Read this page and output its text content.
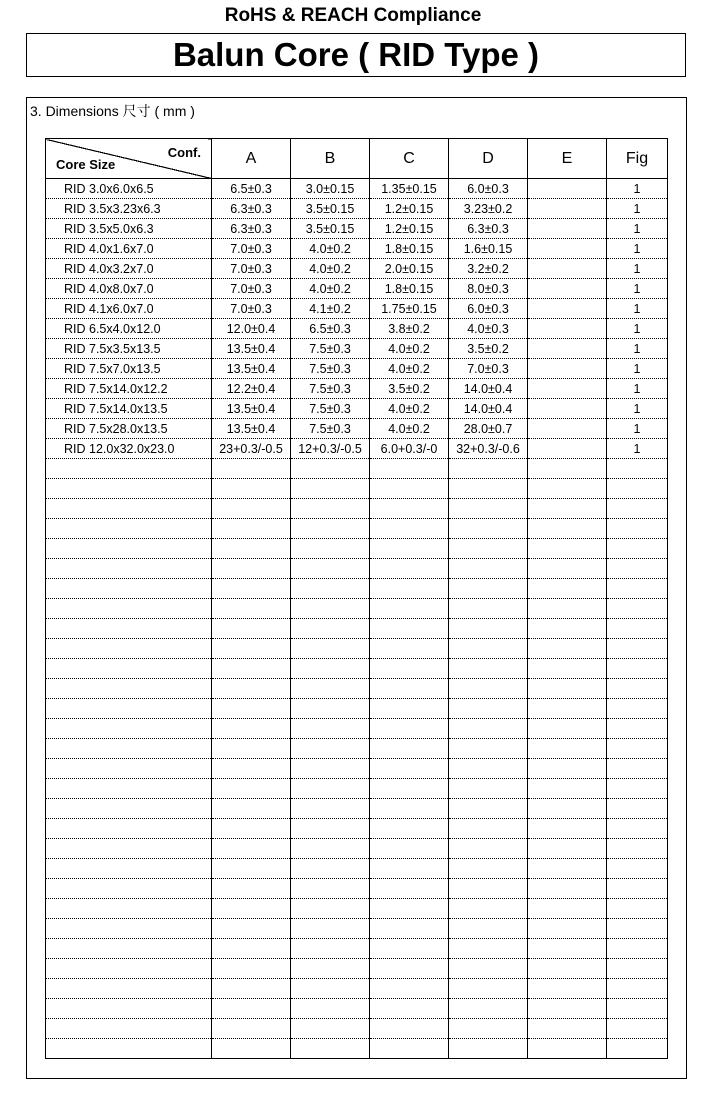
RoHS & REACH Compliance
Balun Core ( RID Type )
3. Dimensions 尺寸 ( mm )
Conf.
Core Size	A	B	C	D	E	Fig
RID 3.0x6.0x6.5	6.5±0.3	3.0±0.15	1.35±0.15	6.0±0.3		1
RID 3.5x3.23x6.3	6.3±0.3	3.5±0.15	1.2±0.15	3.23±0.2		1
RID 3.5x5.0x6.3	6.3±0.3	3.5±0.15	1.2±0.15	6.3±0.3		1
RID 4.0x1.6x7.0	7.0±0.3	4.0±0.2	1.8±0.15	1.6±0.15		1
RID 4.0x3.2x7.0	7.0±0.3	4.0±0.2	2.0±0.15	3.2±0.2		1
RID 4.0x8.0x7.0	7.0±0.3	4.0±0.2	1.8±0.15	8.0±0.3		1
RID 4.1x6.0x7.0	7.0±0.3	4.1±0.2	1.75±0.15	6.0±0.3		1
RID 6.5x4.0x12.0	12.0±0.4	6.5±0.3	3.8±0.2	4.0±0.3		1
RID 7.5x3.5x13.5	13.5±0.4	7.5±0.3	4.0±0.2	3.5±0.2		1
RID 7.5x7.0x13.5	13.5±0.4	7.5±0.3	4.0±0.2	7.0±0.3		1
RID 7.5x14.0x12.2	12.2±0.4	7.5±0.3	3.5±0.2	14.0±0.4		1
RID 7.5x14.0x13.5	13.5±0.4	7.5±0.3	4.0±0.2	14.0±0.4		1
RID 7.5x28.0x13.5	13.5±0.4	7.5±0.3	4.0±0.2	28.0±0.7		1
RID 12.0x32.0x23.0	23+0.3/-0.5	12+0.3/-0.5	6.0+0.3/-0	32+0.3/-0.6		1
